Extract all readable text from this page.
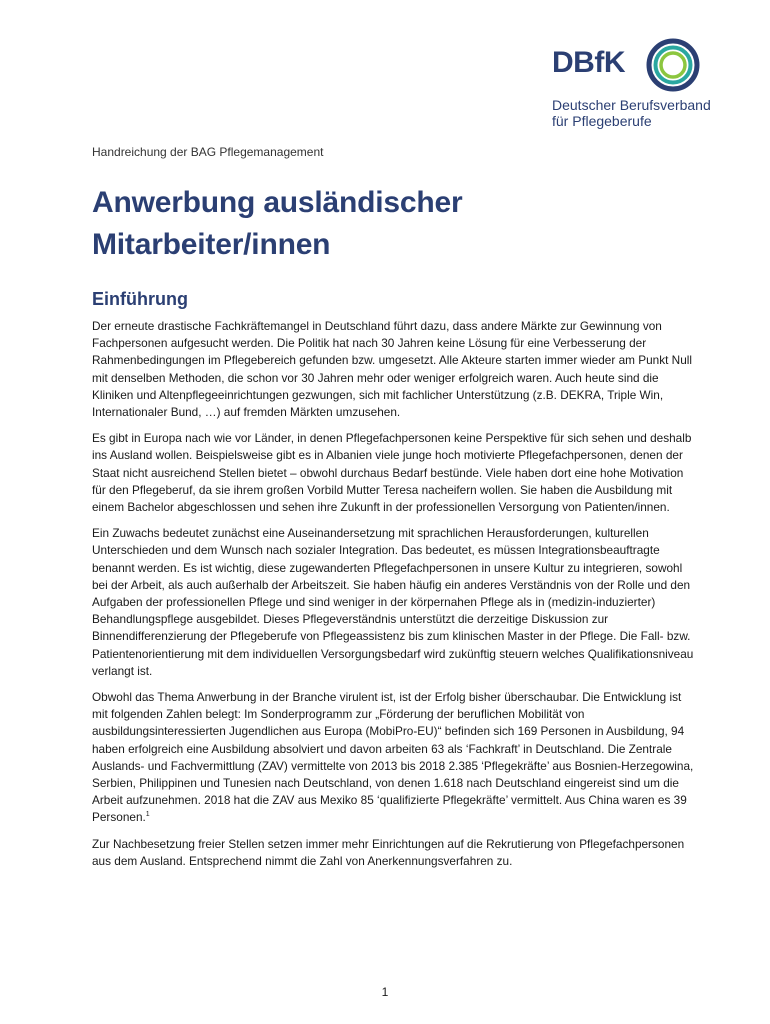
DBfK
Deutscher Berufsverband
für Pflegeberufe
Handreichung der BAG Pflegemanagement
Anwerbung ausländischer
Mitarbeiter/innen
Einführung

Der erneute drastische Fachkräftemangel in Deutschland führt dazu, dass andere Märkte zur Gewinnung von Fachpersonen aufgesucht werden. Die Politik hat nach 30 Jahren keine Lösung für eine Verbesserung der Rahmenbedingungen im Pflegebereich gefunden bzw. umgesetzt. Alle Akteure starten immer wieder am Punkt Null mit denselben Methoden, die schon vor 30 Jahren mehr oder weniger erfolgreich waren. Auch heute sind die Kliniken und Altenpflegeeinrichtungen gezwungen, sich mit fachlicher Unterstützung (z.B. DEKRA, Triple Win, Internationaler Bund, …) auf fremden Märkten umzusehen.

Es gibt in Europa nach wie vor Länder, in denen Pflegefachpersonen keine Perspektive für sich sehen und deshalb ins Ausland wollen. Beispielsweise gibt es in Albanien viele junge hoch motivierte Pflegefachpersonen, denen der Staat nicht ausreichend Stellen bietet – obwohl durchaus Bedarf bestünde. Viele haben dort eine hohe Motivation für den Pflegeberuf, da sie ihrem großen Vorbild Mutter Teresa nacheifern wollen. Sie haben die Ausbildung mit einem Bachelor abgeschlossen und sehen ihre Zukunft in der professionellen Versorgung von Patienten/innen.

Ein Zuwachs bedeutet zunächst eine Auseinandersetzung mit sprachlichen Herausforderungen, kulturellen Unterschieden und dem Wunsch nach sozialer Integration. Das bedeutet, es müssen Integrationsbeauftragte benannt werden. Es ist wichtig, diese zugewanderten Pflegefachpersonen in unsere Kultur zu integrieren, sowohl bei der Arbeit, als auch außerhalb der Arbeitszeit. Sie haben häufig ein anderes Verständnis von der Rolle und den Aufgaben der professionellen Pflege und sind weniger in der körpernahen Pflege als in (medizin-induzierter) Behandlungspflege ausgebildet. Dieses Pflegeverständnis unterstützt die derzeitige Diskussion zur Binnendifferenzierung der Pflegeberufe von Pflegeassistenz bis zum klinischen Master in der Pflege. Die Fall- bzw. Patientenorientierung mit dem individuellen Versorgungsbedarf wird zukünftig steuern welches Qualifikationsniveau verlangt ist.

Obwohl das Thema Anwerbung in der Branche virulent ist, ist der Erfolg bisher überschaubar. Die Entwicklung ist mit folgenden Zahlen belegt: Im Sonderprogramm zur „Förderung der beruflichen Mobilität von ausbildungsinteressierten Jugendlichen aus Europa (MobiPro-EU)“ befinden sich 169 Personen in Ausbildung, 94 haben erfolgreich eine Ausbildung absolviert und davon arbeiten 63 als ‘Fachkraft’ in Deutschland. Die Zentrale Auslands- und Fachvermittlung (ZAV) vermittelte von 2013 bis 2018 2.385 ‘Pflegekräfte’ aus Bosnien-Herzegowina, Serbien, Philippinen und Tunesien nach Deutschland, von denen 1.618 nach Deutschland eingereist sind um die Arbeit aufzunehmen. 2018 hat die ZAV aus Mexiko 85 ‘qualifizierte Pflegekräfte’ vermittelt. Aus China waren es 39 Personen.$^1$

Zur Nachbesetzung freier Stellen setzen immer mehr Einrichtungen auf die Rekrutierung von Pflegefachpersonen aus dem Ausland. Entsprechend nimmt die Zahl von Anerkennungsverfahren zu.

1
